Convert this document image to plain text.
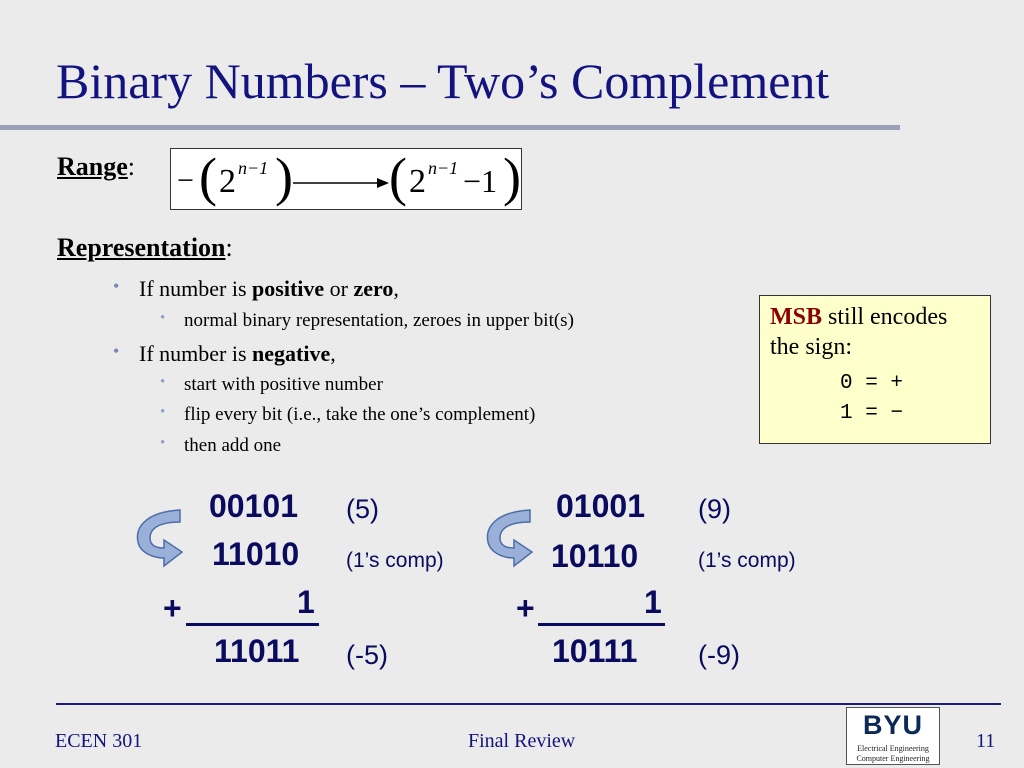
Binary Numbers – Two’s Complement
Range: − ( 2 n−1 ) ( 2 n−1 −1 )
Representation:
• If number is positive or zero,
• normal binary representation, zeroes in upper bit(s)
• If number is negative,
• start with positive number
• flip every bit (i.e., take the one’s complement)
• then add one
MSB still encodes
the sign:
0 = +
1 = −
00101 (5)
11010 (1’s comp)
+	1
11011 (-5)
01001 (9)
10110	(1’s comp)
+	1
10111 (-9)
ECEN 301	Final Review	11
BYU
Electrical Engineering
Computer Engineering
